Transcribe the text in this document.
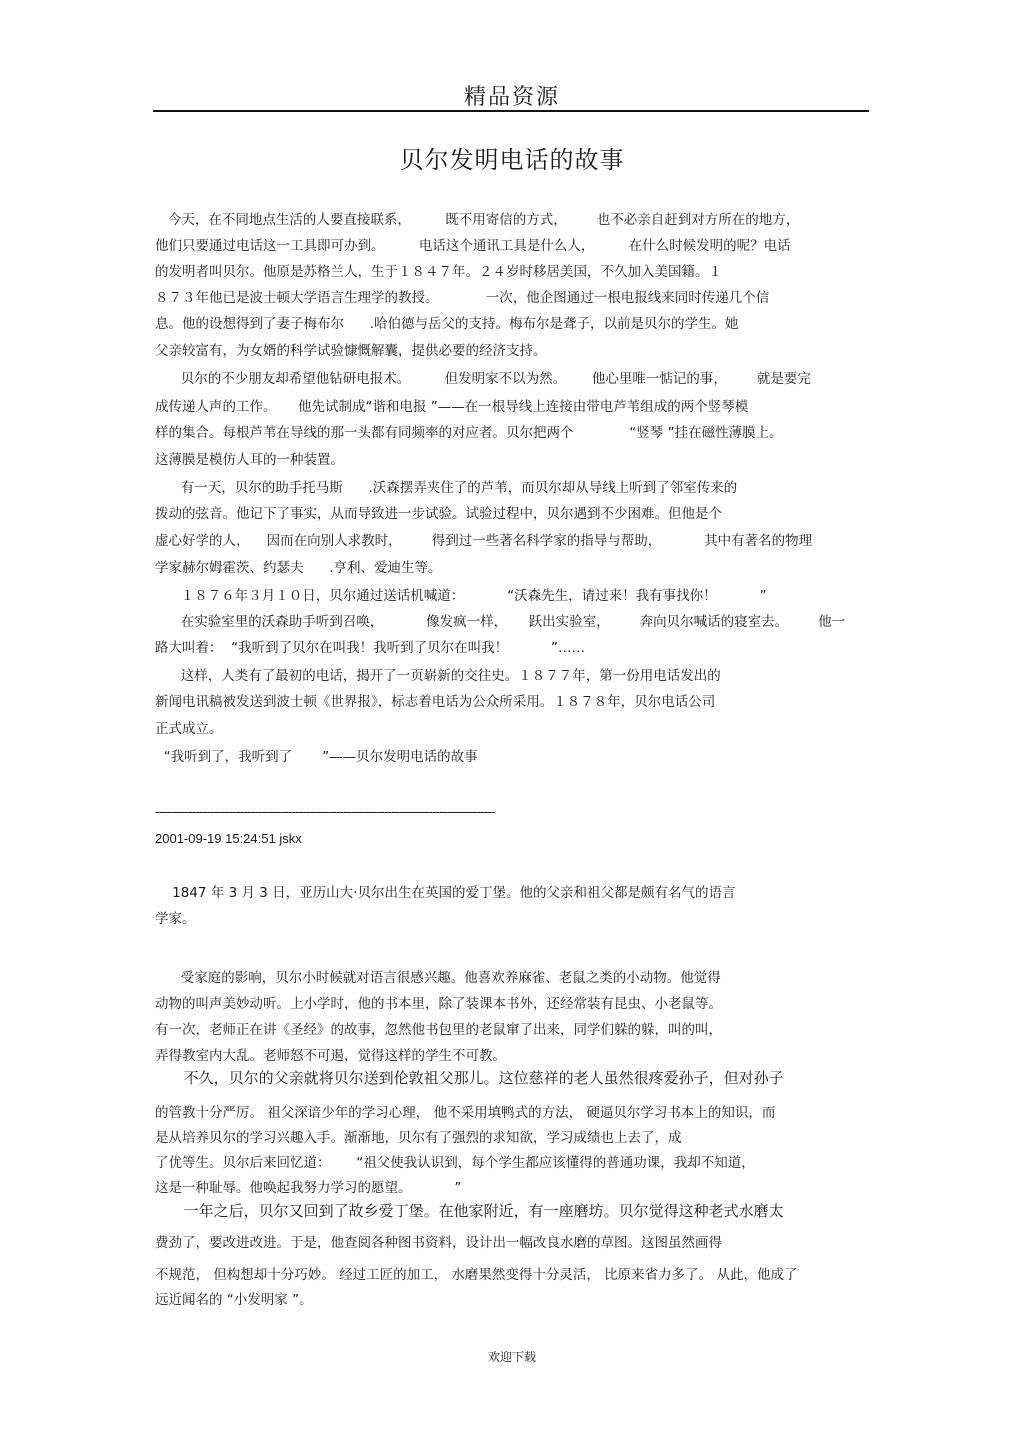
精品资源
贝尔发明电话的故事
今天，在不同地点生活的人要直接联系，        既不用寄信的方式，       也不必亲自赶到对方所在的地方，
他们只要通过电话这一工具即可办到。        电话这个通讯工具是什么人，        在什么时候发明的呢？电话
的发明者叫贝尔。他原是苏格兰人，生于１８４７年。２４岁时移居美国，不久加入美国籍。１
８７３年他已是波士顿大学语言生理学的教授。           一次，他企图通过一根电报线来同时传递几个信
息。他的设想得到了妻子梅布尔      .哈伯德与岳父的支持。梅布尔是聋子，以前是贝尔的学生。她
父亲较富有，为女婿的科学试验慷慨解囊，提供必要的经济支持。
贝尔的不少朋友却希望他钻研电报术。        但发明家不以为然。      他心里唯一惦记的事，       就是要完
成传递人声的工作。     他先试制成“谐和电报 ”——在一根导线上连接由带电芦苇组成的两个竖琴模
样的集合。每根芦苇在导线的那一头都有同频率的对应者。贝尔把两个             “竖琴 ”挂在磁性薄膜上。
这薄膜是模仿人耳的一种装置。
有一天，贝尔的助手托马斯      .沃森摆弄夹住了的芦苇，而贝尔却从导线上听到了邻室传来的
拨动的弦音。他记下了事实，从而导致进一步试验。试验过程中，贝尔遇到不少困难。但他是个
虚心好学的人，    因而在向别人求教时，       得到过一些著名科学家的指导与帮助，          其中有著名的物理
学家赫尔姆霍茨、约瑟夫      .亨利、爱迪生等。
１８７６年３月１０日，贝尔通过送话机喊道：          “沃森先生，请过来！我有事找你！          ”
在实验室里的沃森助手听到召唤，          像发疯一样，     跃出实验室，       奔向贝尔喊话的寝室去。       他一
路大叫着：  “我听到了贝尔在叫我！我听到了贝尔在叫我！          ”……
这样，人类有了最初的电话，揭开了一页崭新的交往史。１８７７年，第一份用电话发出的
新闻电讯稿被发送到波士顿《世界报》，标志着电话为公众所采用。１８７８年，贝尔电话公司
正式成立。
“我听到了，我听到了       ”——贝尔发明电话的故事
--------------------------------------------------------------------------------------------
2001-09-19 15:24:51 jskx
1847 年 3 月 3 日，亚历山大·贝尔出生在英国的爱丁堡。他的父亲和祖父都是颇有名气的语言
学家。
受家庭的影响，贝尔小时候就对语言很感兴趣。他喜欢养麻雀、老鼠之类的小动物。他觉得
动物的叫声美妙动听。上小学时，他的书本里，除了装课本书外，还经常装有昆虫、小老鼠等。
有一次，老师正在讲《圣经》的故事，忽然他书包里的老鼠窜了出来，同学们躲的躲，叫的叫，
弄得教室内大乱。老师怒不可遏，觉得这样的学生不可教。
不久，贝尔的父亲就将贝尔送到伦敦祖父那儿。这位慈祥的老人虽然很疼爱孙子，但对孙子
的管教十分严厉。 祖父深谙少年的学习心理， 他不采用填鸭式的方法， 硬逼贝尔学习书本上的知识，而
是从培养贝尔的学习兴趣入手。渐渐地，贝尔有了强烈的求知欲，学习成绩也上去了，成
了优等生。贝尔后来回忆道：      “祖父使我认识到，每个学生都应该懂得的普通功课，我却不知道，
这是一种耻辱。他唤起我努力学习的愿望。          ”
一年之后，贝尔又回到了故乡爱丁堡。在他家附近，有一座磨坊。贝尔觉得这种老式水磨太
费劲了，要改进改进。于是，他查阅各种图书资料，设计出一幅改良水磨的草图。这图虽然画得
不规范， 但构想却十分巧妙。 经过工匠的加工， 水磨果然变得十分灵活， 比原来省力多了。 从此，他成了
远近闻名的 “小发明家 ”。
欢迎下载
